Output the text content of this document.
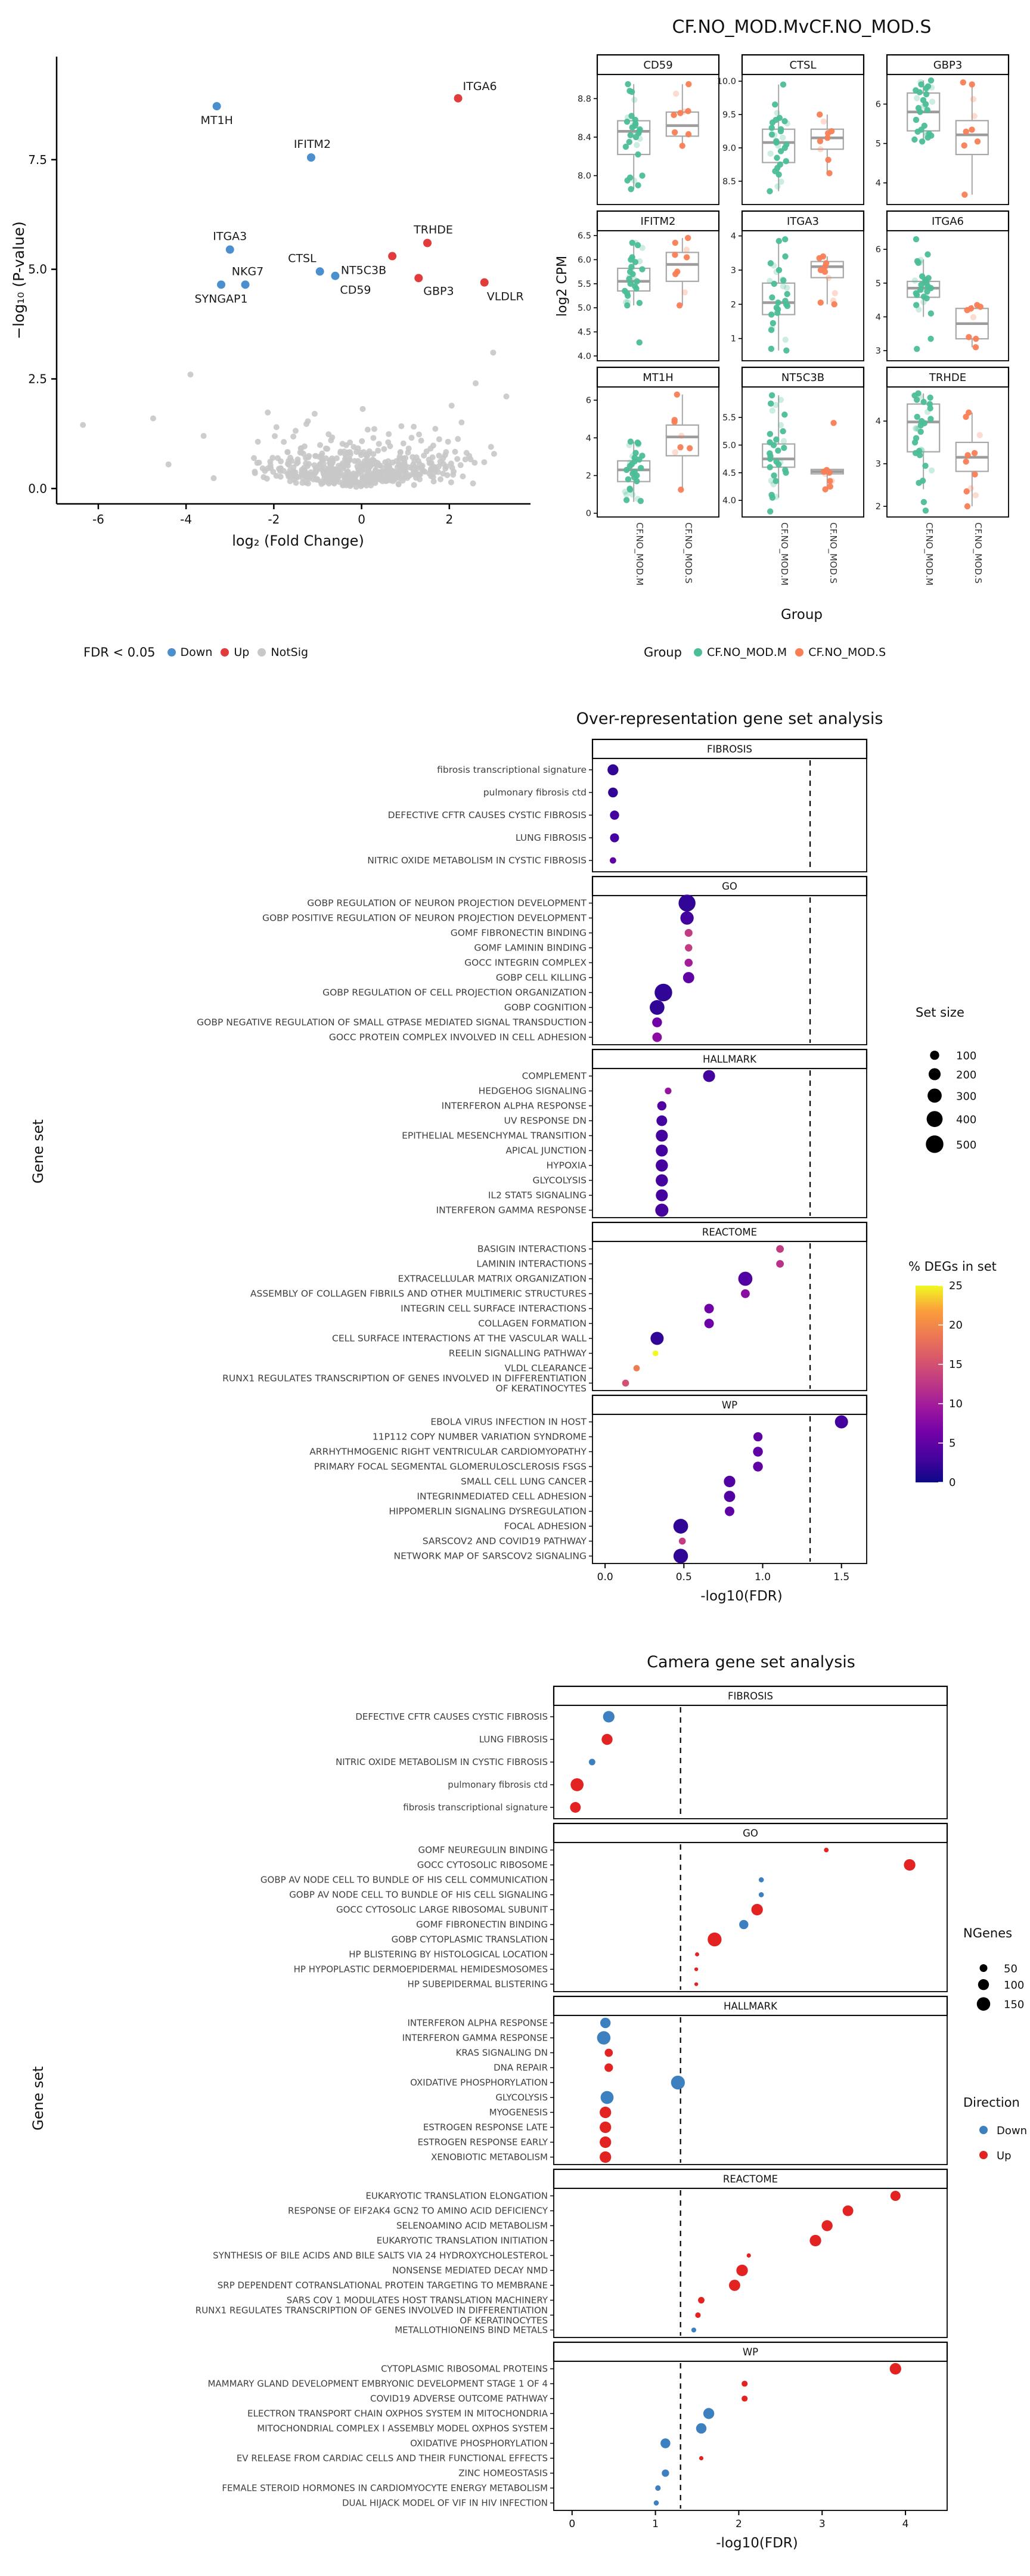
0.0
2.5
5.0
7.5
-6	-4	-2	0	2
−log₁₀ (P-value)
MT1H
ITGA6
IFITM2
ITGA3
TRHDE
NT5C3B
CTSL
CD59	GBP3	VLDLR
SYNGAP1
NKG7	log2 CPM
CD59
8.0
8.4
8.8
CTSL
8.5
9.0
9.5
10.0
GBP3
4
5
6
IFITM2
4.0
4.5
5.0
5.5
6.0
6.5
ITGA3
1
2
3
4
ITGA6
3
4
5
6
MT1H
0
2
4
6
CF.NO_MOD.M	CF.NO_MOD.S
NT5C3B
4.0
4.5
5.0
5.5
CF.NO_MOD.M	CF.NO_MOD.S
TRHDE
2
3
4
CF.NO_MOD.M	CF.NO_MOD.S
FIBROSIS
fibrosis transcriptional signature
pulmonary fibrosis ctd
DEFECTIVE CFTR CAUSES CYSTIC FIBROSIS
LUNG FIBROSIS
NITRIC OXIDE METABOLISM IN CYSTIC FIBROSIS
GO
GOBP REGULATION OF NEURON PROJECTION DEVELOPMENT
GOBP POSITIVE REGULATION OF NEURON PROJECTION DEVELOPMENT
GOMF FIBRONECTIN BINDING
GOMF LAMININ BINDING
GOCC INTEGRIN COMPLEX
GOBP CELL KILLING
GOBP REGULATION OF CELL PROJECTION ORGANIZATION
GOBP COGNITION
GOBP NEGATIVE REGULATION OF SMALL GTPASE MEDIATED SIGNAL TRANSDUCTION
GOCC PROTEIN COMPLEX INVOLVED IN CELL ADHESION
HALLMARK
COMPLEMENT
HEDGEHOG SIGNALING
INTERFERON ALPHA RESPONSE
UV RESPONSE DN
EPITHELIAL MESENCHYMAL TRANSITION
APICAL JUNCTION
HYPOXIA
GLYCOLYSIS
IL2 STAT5 SIGNALING
INTERFERON GAMMA RESPONSE
REACTOME
BASIGIN INTERACTIONS
LAMININ INTERACTIONS
EXTRACELLULAR MATRIX ORGANIZATION
ASSEMBLY OF COLLAGEN FIBRILS AND OTHER MULTIMERIC STRUCTURES
INTEGRIN CELL SURFACE INTERACTIONS
COLLAGEN FORMATION
CELL SURFACE INTERACTIONS AT THE VASCULAR WALL
REELIN SIGNALLING PATHWAY
VLDL CLEARANCE
RUNX1 REGULATES TRANSCRIPTION OF GENES INVOLVED IN DIFFERENTIATION OF KERATINOCYTES
WP
EBOLA VIRUS INFECTION IN HOST
11P112 COPY NUMBER VARIATION SYNDROME
ARRHYTHMOGENIC RIGHT VENTRICULAR CARDIOMYOPATHY
PRIMARY FOCAL SEGMENTAL GLOMERULOSCLEROSIS FSGS
SMALL CELL LUNG CANCER
INTEGRINMEDIATED CELL ADHESION
HIPPOMERLIN SIGNALING DYSREGULATION
FOCAL ADHESION
SARSCOV2 AND COVID19 PATHWAY
NETWORK MAP OF SARSCOV2 SIGNALING
0.0	0.5	1.0	1.5
Gene set
100
200
300
400
500
0
5
10
15
20
25
FIBROSIS
DEFECTIVE CFTR CAUSES CYSTIC FIBROSIS
LUNG FIBROSIS
NITRIC OXIDE METABOLISM IN CYSTIC FIBROSIS
pulmonary fibrosis ctd
fibrosis transcriptional signature
GO
GOMF NEUREGULIN BINDING
GOCC CYTOSOLIC RIBOSOME
GOBP AV NODE CELL TO BUNDLE OF HIS CELL COMMUNICATION
GOBP AV NODE CELL TO BUNDLE OF HIS CELL SIGNALING
GOCC CYTOSOLIC LARGE RIBOSOMAL SUBUNIT
GOMF FIBRONECTIN BINDING
GOBP CYTOPLASMIC TRANSLATION
HP BLISTERING BY HISTOLOGICAL LOCATION
HP HYPOPLASTIC DERMOEPIDERMAL HEMIDESMOSOMES
HP SUBEPIDERMAL BLISTERING
HALLMARK
INTERFERON ALPHA RESPONSE
INTERFERON GAMMA RESPONSE
KRAS SIGNALING DN
DNA REPAIR
OXIDATIVE PHOSPHORYLATION
GLYCOLYSIS
MYOGENESIS
ESTROGEN RESPONSE LATE
ESTROGEN RESPONSE EARLY
XENOBIOTIC METABOLISM
REACTOME
EUKARYOTIC TRANSLATION ELONGATION
RESPONSE OF EIF2AK4 GCN2 TO AMINO ACID DEFICIENCY
SELENOAMINO ACID METABOLISM
EUKARYOTIC TRANSLATION INITIATION
SYNTHESIS OF BILE ACIDS AND BILE SALTS VIA 24 HYDROXYCHOLESTEROL
NONSENSE MEDIATED DECAY NMD
SRP DEPENDENT COTRANSLATIONAL PROTEIN TARGETING TO MEMBRANE
SARS COV 1 MODULATES HOST TRANSLATION MACHINERY
RUNX1 REGULATES TRANSCRIPTION OF GENES INVOLVED IN DIFFERENTIATION OF KERATINOCYTES
METALLOTHIONEINS BIND METALS
WP
CYTOPLASMIC RIBOSOMAL PROTEINS
MAMMARY GLAND DEVELOPMENT EMBRYONIC DEVELOPMENT STAGE 1 OF 4
COVID19 ADVERSE OUTCOME PATHWAY
ELECTRON TRANSPORT CHAIN OXPHOS SYSTEM IN MITOCHONDRIA
MITOCHONDRIAL COMPLEX I ASSEMBLY MODEL OXPHOS SYSTEM
OXIDATIVE PHOSPHORYLATION
EV RELEASE FROM CARDIAC CELLS AND THEIR FUNCTIONAL EFFECTS
ZINC HOMEOSTASIS
FEMALE STEROID HORMONES IN CARDIOMYOCYTE ENERGY METABOLISM
DUAL HIJACK MODEL OF VIF IN HIV INFECTION
0	1	2	3	4
Gene set
50
100
150
Down
Up
log₂ (Fold Change)
FDR < 0.05 Down Up NotSig
CF.NO_MOD.MvCF.NO_MOD.S
Group
Group CF.NO_MOD.M CF.NO_MOD.S
Over-representation gene set analysis
-log10(FDR)
Set size
% DEGs in set
Camera gene set analysis
-log10(FDR)
NGenes
Direction
